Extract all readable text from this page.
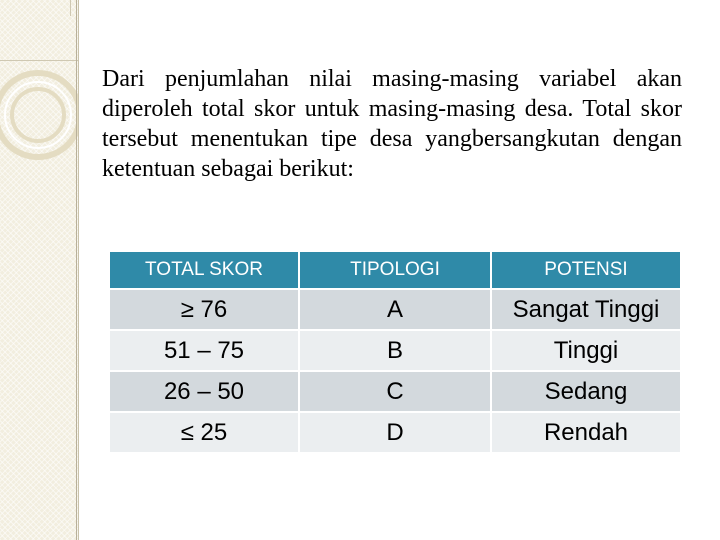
Dari penjumlahan nilai masing-masing variabel akan diperoleh total skor untuk masing-masing desa. Total skor tersebut menentukan tipe desa yangbersangkutan dengan ketentuan sebagai berikut:

TOTAL SKOR	TIPOLOGI	POTENSI
≥ 76	A	Sangat Tinggi
51 – 75	B	Tinggi
26 – 50	C	Sedang
≤ 25	D	Rendah
